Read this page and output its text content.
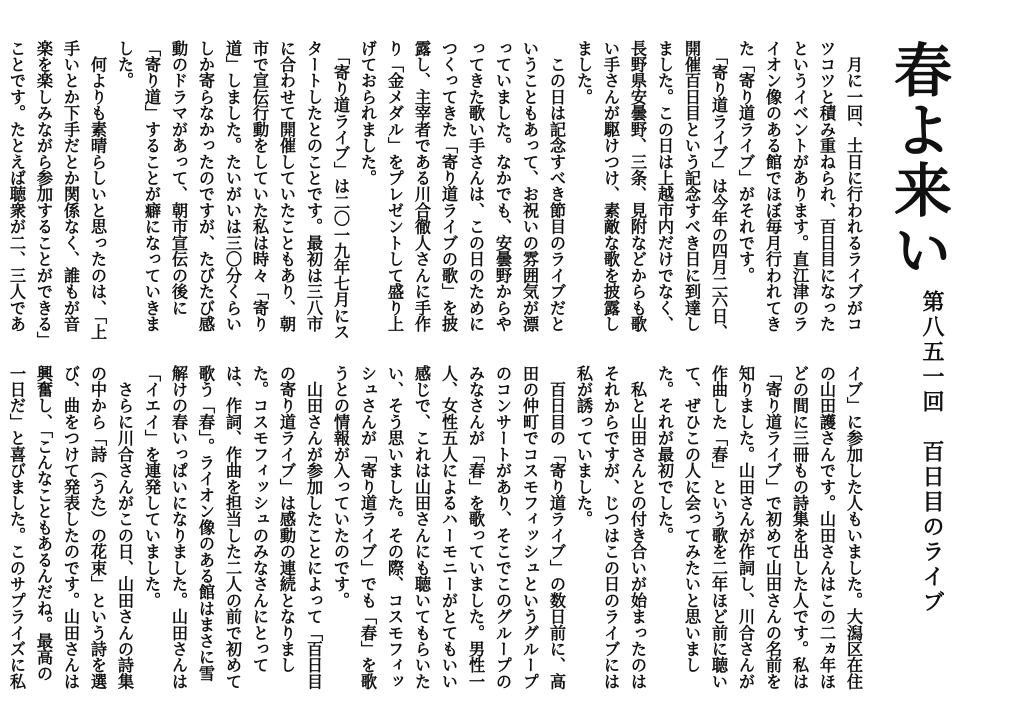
春よ来い
第八五一回　百日目のライブ
　月に一回、土日に行われるライブがコツコツと積み重ねられ、百日目になったというイベントがあります。直江津のライオン像のある館でほぼ毎月行われてきた「寄り道ライブ」がそれです。
　「寄り道ライブ」は今年の四月二六日、開催百日目という記念すべき日に到達しました。この日は上越市内だけでなく、長野県安曇野、三条、見附などからも歌い手さんが駆けつけ、素敵な歌を披露しました。
　この日は記念すべき節目のライブだということもあって、お祝いの雰囲気が漂っていました。なかでも、安曇野からやってきた歌い手さんは、この日のためにつくってきた「寄り道ライブの歌」を披露し、主宰者である川合徹人さんに手作り「金メダル」をプレゼントして盛り上げておられました。
　「寄り道ライブ」は二〇一九年七月にスタートしたとのことです。最初は三八市に合わせて開催していたこともあり、朝市で宣伝行動をしていた私は時々「寄り道」しました。たいがいは三〇分くらいしか寄らなかったのですが、たびたび感動のドラマがあって、朝市宣伝の後に「寄り道」することが癖になっていきました。
　何よりも素晴らしいと思ったのは、「上手いとか下手だとか関係なく、誰もが音楽を楽しみながら参加することができる」ことです。たとえば聴衆が二、三人であ

イブ」に参加した人もいました。大潟区在住の山田護さんです。山田さんはこの二ヵ年ほどの間に三冊もの詩集を出した人です。私は「寄り道ライブ」で初めて山田さんの名前を知りました。山田さんが作詞し、川合さんが作曲した「春」という歌を二年ほど前に聴いて、ぜひこの人に会ってみたいと思いました。それが最初でした。
　私と山田さんとの付き合いが始まったのはそれからですが、じつはこの日のライブには私が誘っていました。
　百日目の「寄り道ライブ」の数日前に、高田の仲町でコスモフィッシュというグループのコンサートがあり、そこでこのグループのみなさんが「春」を歌っていました。男性一人、女性五人によるハーモニーがとてもいい感じで、これは山田さんにも聴いてもらいたい、そう思いました。その際、コスモフィッシュさんが「寄り道ライブ」でも「春」を歌うとの情報が入っていたのです。
　山田さんが参加したことによって「百日目の寄り道ライブ」は感動の連続となりました。コスモフィッシュのみなさんにとっては、作詞、作曲を担当した二人の前で初めて歌う「春」。ライオン像のある館はまさに雪解けの春いっぱいになりました。山田さんは「イエイ」を連発していました。
　さらに川合さんがこの日、山田さんの詩集の中から「詩（うた）の花束」という詩を選び、曲をつけて発表したのです。山田さんは興奮し、「こんなこともあるんだね。最高の一日だ」と喜びました。このサプライズに私
